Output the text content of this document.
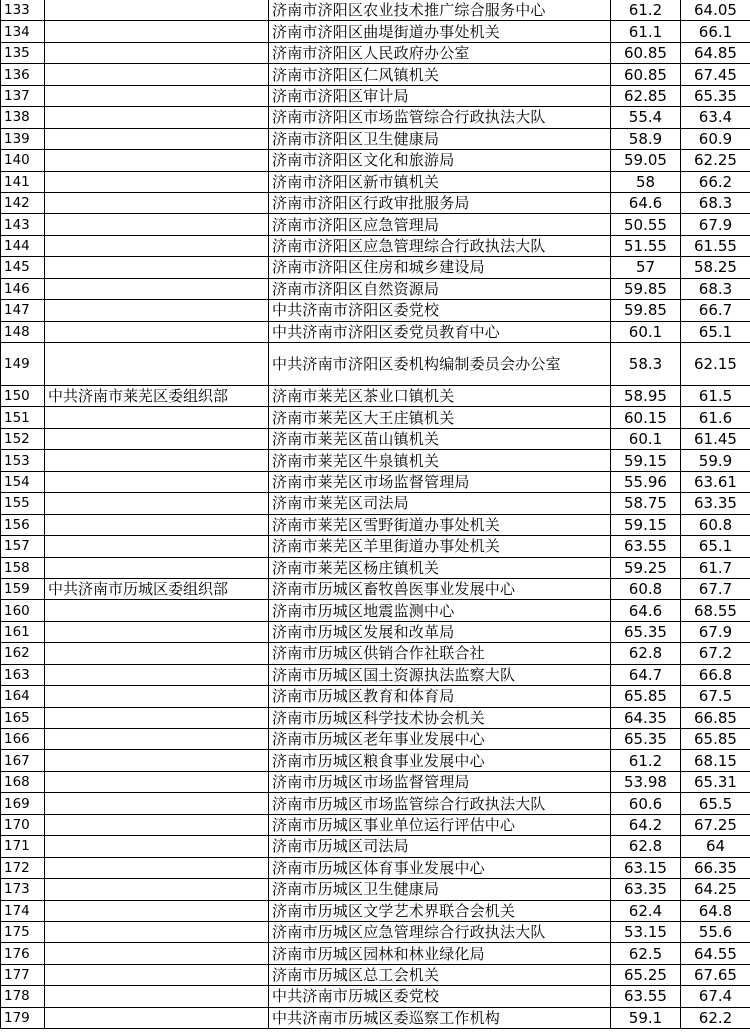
133		济南市济阳区农业技术推广综合服务中心	61.2	64.05
134		济南市济阳区曲堤街道办事处机关	61.1	66.1
135		济南市济阳区人民政府办公室	60.85	64.85
136		济南市济阳区仁风镇机关	60.85	67.45
137		济南市济阳区审计局	62.85	65.35
138		济南市济阳区市场监管综合行政执法大队	55.4	63.4
139		济南市济阳区卫生健康局	58.9	60.9
140		济南市济阳区文化和旅游局	59.05	62.25
141		济南市济阳区新市镇机关	58	66.2
142		济南市济阳区行政审批服务局	64.6	68.3
143		济南市济阳区应急管理局	50.55	67.9
144		济南市济阳区应急管理综合行政执法大队	51.55	61.55
145		济南市济阳区住房和城乡建设局	57	58.25
146		济南市济阳区自然资源局	59.85	68.3
147		中共济南市济阳区委党校	59.85	66.7
148		中共济南市济阳区委党员教育中心	60.1	65.1
149		中共济南市济阳区委机构编制委员会办公室	58.3	62.15
150	中共济南市莱芜区委组织部	济南市莱芜区茶业口镇机关	58.95	61.5
151		济南市莱芜区大王庄镇机关	60.15	61.6
152		济南市莱芜区苗山镇机关	60.1	61.45
153		济南市莱芜区牛泉镇机关	59.15	59.9
154		济南市莱芜区市场监督管理局	55.96	63.61
155		济南市莱芜区司法局	58.75	63.35
156		济南市莱芜区雪野街道办事处机关	59.15	60.8
157		济南市莱芜区羊里街道办事处机关	63.55	65.1
158		济南市莱芜区杨庄镇机关	59.25	61.7
159	中共济南市历城区委组织部	济南市历城区畜牧兽医事业发展中心	60.8	67.7
160		济南市历城区地震监测中心	64.6	68.55
161		济南市历城区发展和改革局	65.35	67.9
162		济南市历城区供销合作社联合社	62.8	67.2
163		济南市历城区国土资源执法监察大队	64.7	66.8
164		济南市历城区教育和体育局	65.85	67.5
165		济南市历城区科学技术协会机关	64.35	66.85
166		济南市历城区老年事业发展中心	65.35	65.85
167		济南市历城区粮食事业发展中心	61.2	68.15
168		济南市历城区市场监督管理局	53.98	65.31
169		济南市历城区市场监管综合行政执法大队	60.6	65.5
170		济南市历城区事业单位运行评估中心	64.2	67.25
171		济南市历城区司法局	62.8	64
172		济南市历城区体育事业发展中心	63.15	66.35
173		济南市历城区卫生健康局	63.35	64.25
174		济南市历城区文学艺术界联合会机关	62.4	64.8
175		济南市历城区应急管理综合行政执法大队	53.15	55.6
176		济南市历城区园林和林业绿化局	62.5	64.55
177		济南市历城区总工会机关	65.25	67.65
178		中共济南市历城区委党校	63.55	67.4
179		中共济南市历城区委巡察工作机构	59.1	62.2
